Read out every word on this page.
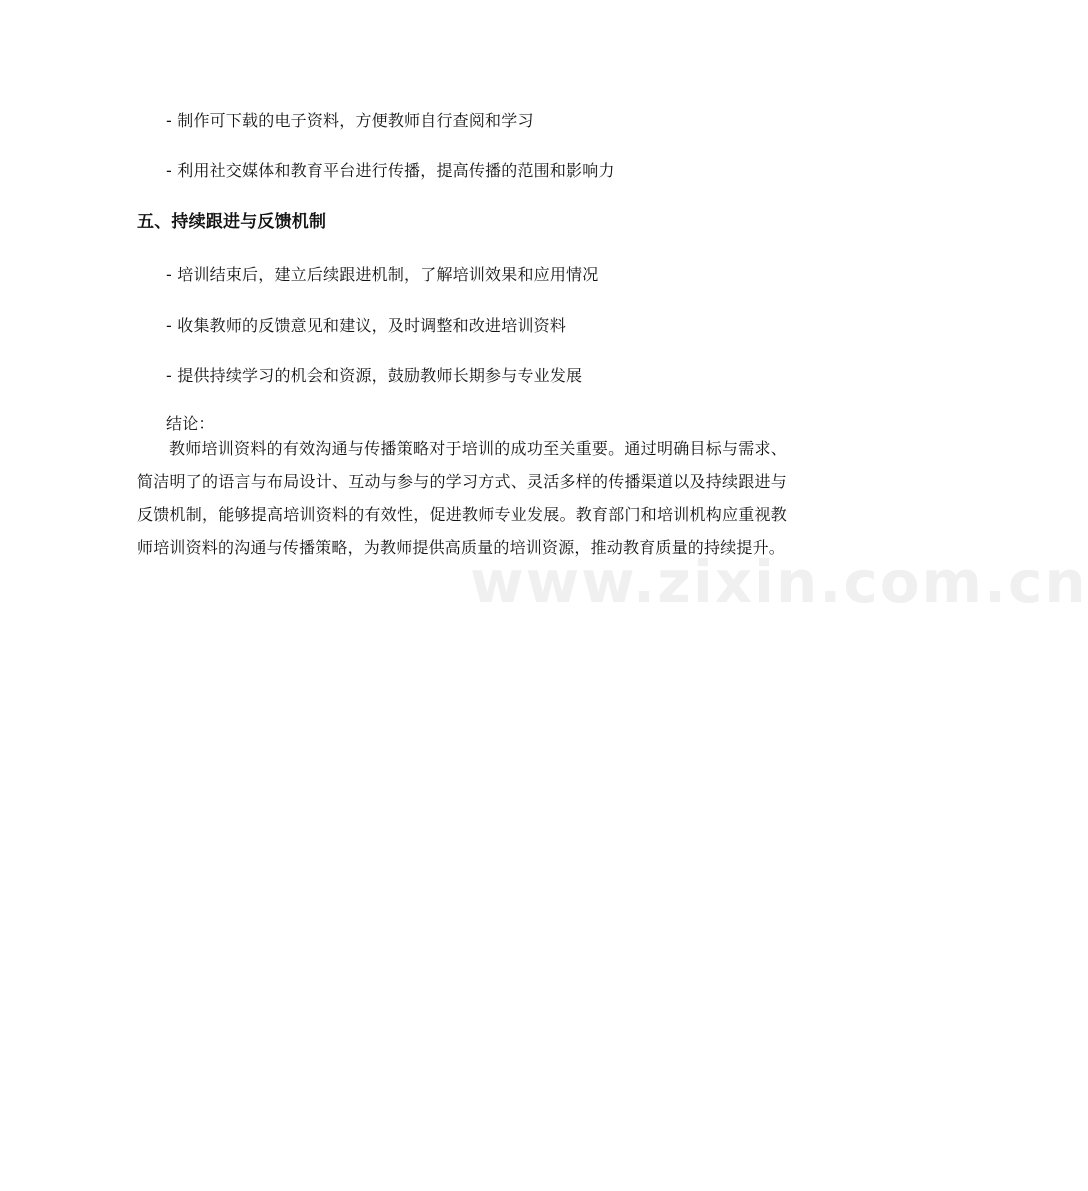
- 制作可下载的电子资料，方便教师自行查阅和学习
- 利用社交媒体和教育平台进行传播，提高传播的范围和影响力
五、持续跟进与反馈机制
- 培训结束后，建立后续跟进机制，了解培训效果和应用情况
- 收集教师的反馈意见和建议，及时调整和改进培训资料
- 提供持续学习的机会和资源，鼓励教师长期参与专业发展
结论：
教师培训资料的有效沟通与传播策略对于培训的成功至关重要。通过明确目标与需求、简洁明了的语言与布局设计、互动与参与的学习方式、灵活多样的传播渠道以及持续跟进与反馈机制，能够提高培训资料的有效性，促进教师专业发展。教育部门和培训机构应重视教师培训资料的沟通与传播策略，为教师提供高质量的培训资源，推动教育质量的持续提升。
www.zixin.com.cn
